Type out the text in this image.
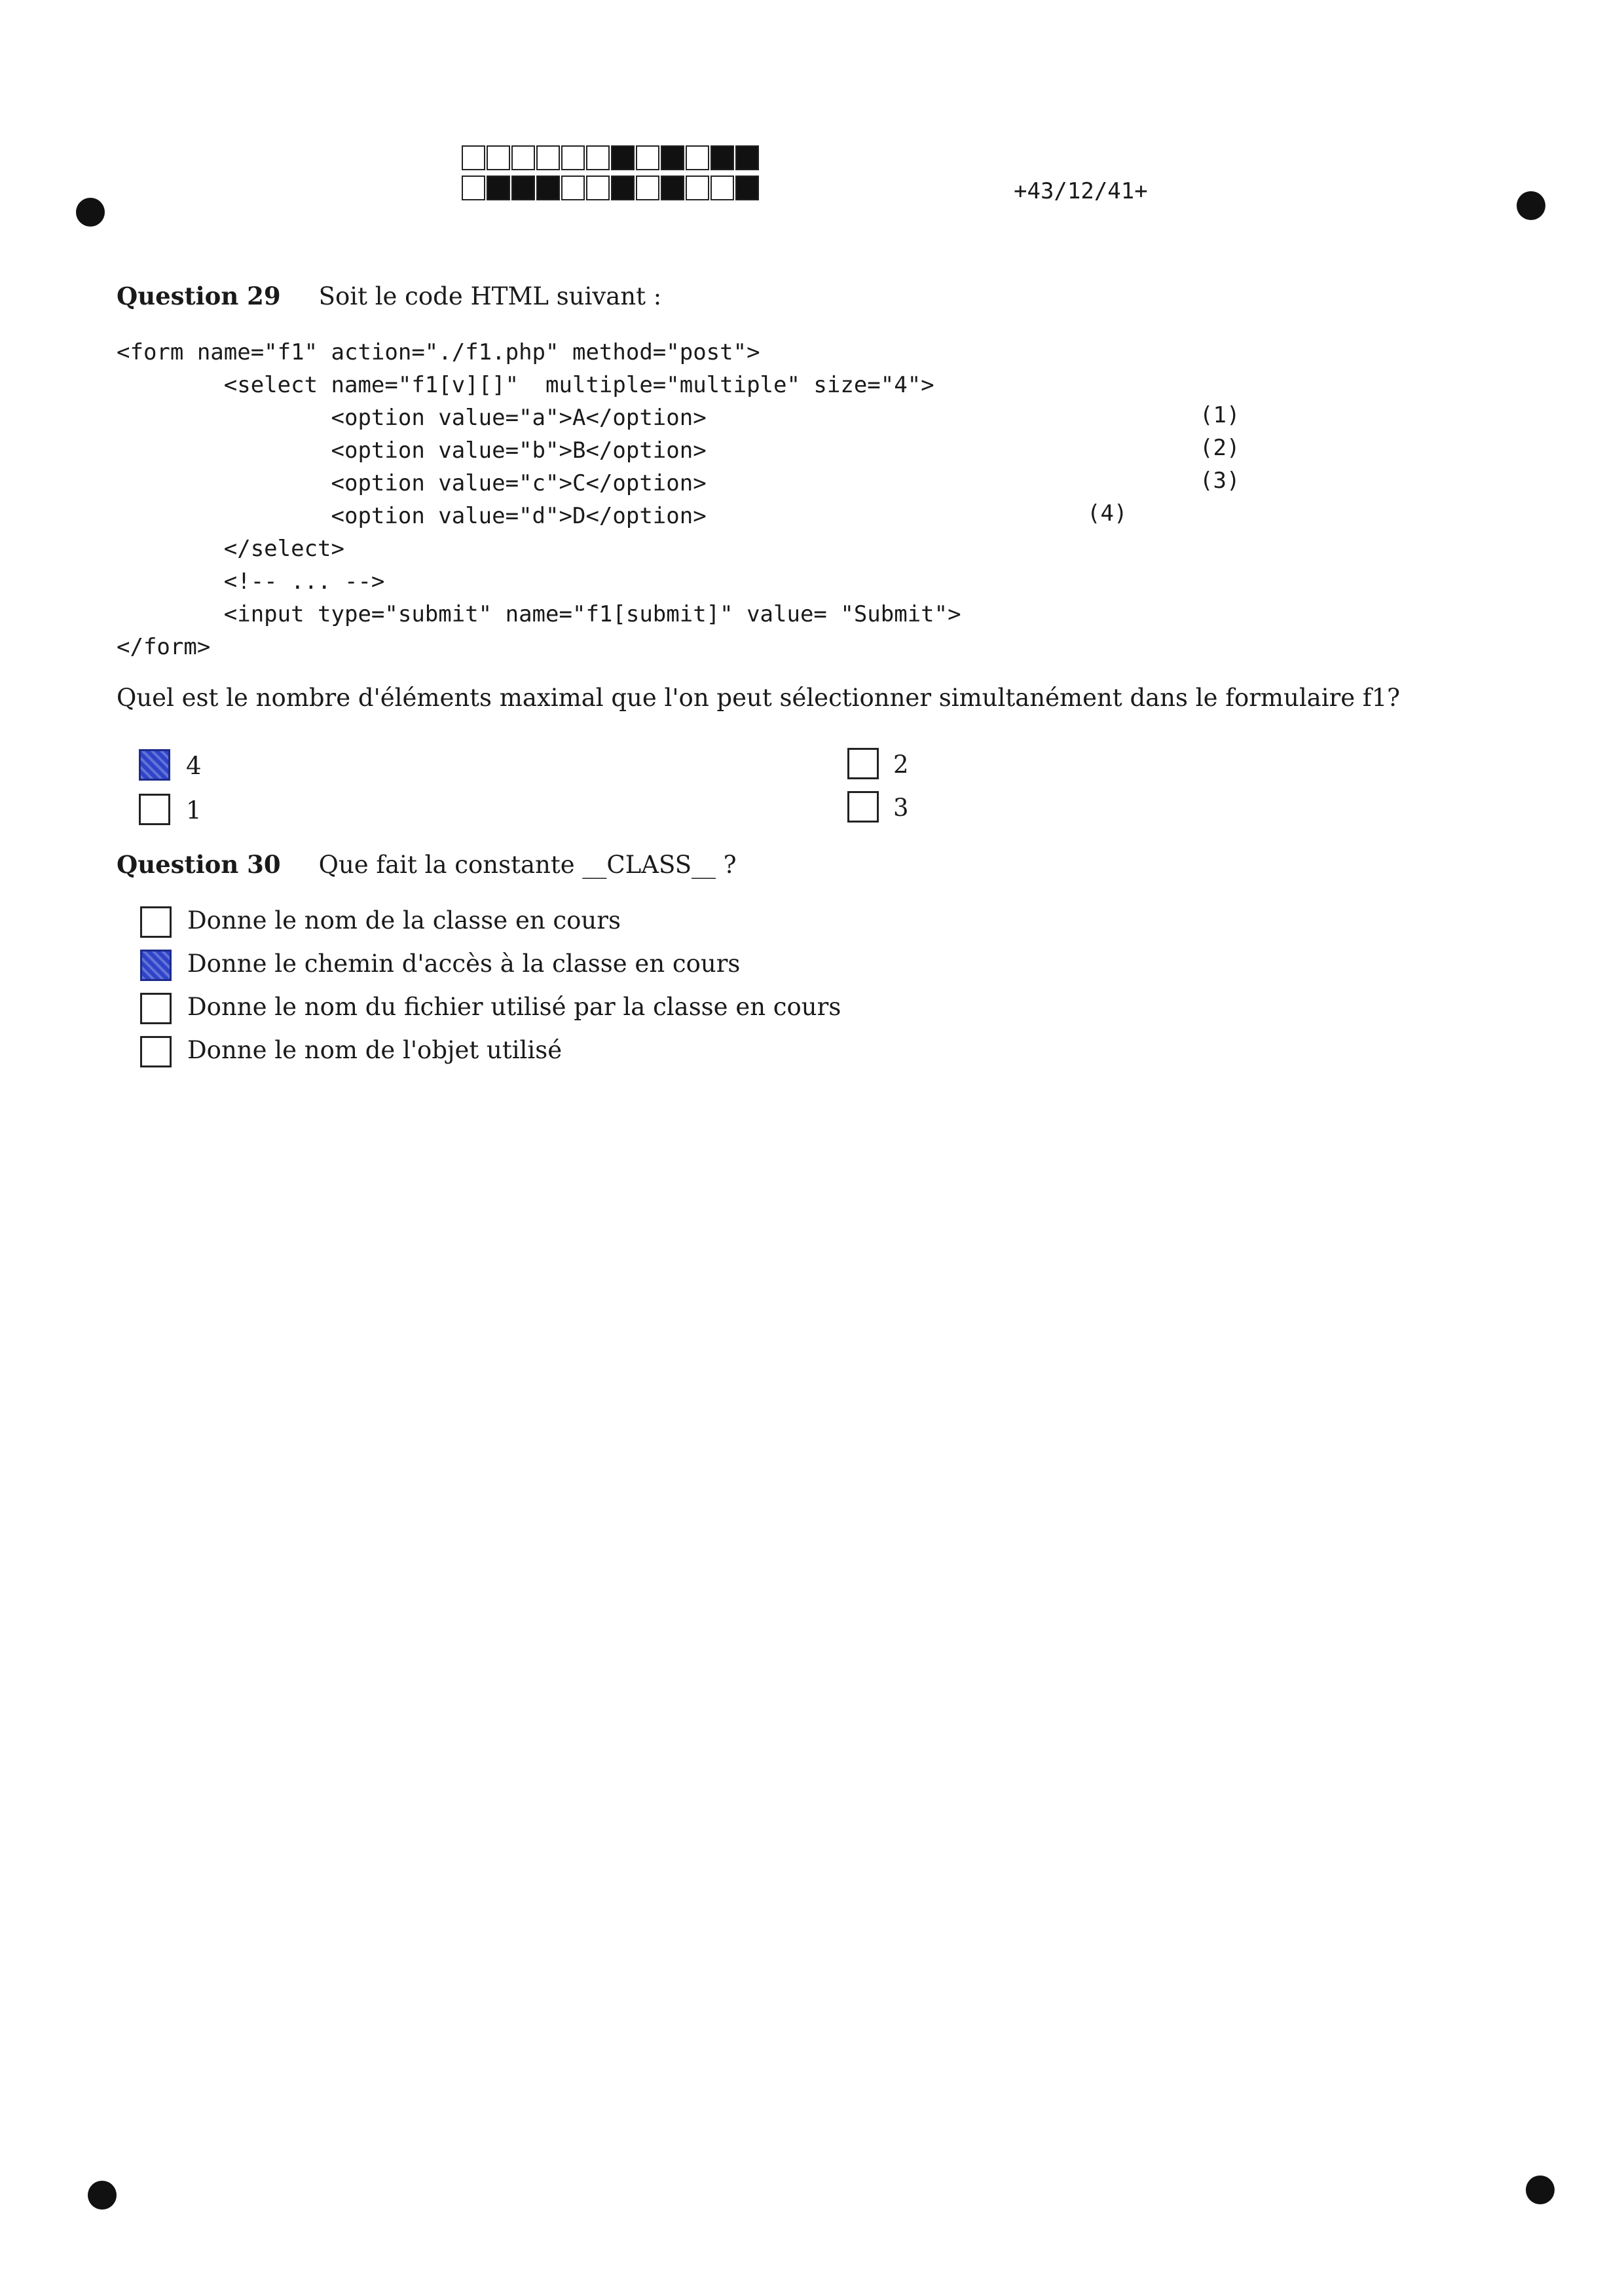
+43/12/41+
Question 29 Soit le code HTML suivant :
<form name="f1" action="./f1.php" method="post">
<select name="f1[v][]"  multiple="multiple" size="4">
<option value="a">A</option>
<option value="b">B</option>
<option value="c">C</option>
<option value="d">D</option>
</select>
<!-- ... -->
<input type="submit" name="f1[submit]" value= "Submit">
</form>
(1)
(2)
(3)
(4)
Quel est le nombre d'éléments maximal que l'on peut sélectionner simultanément dans le formulaire f1?
4
1
2
3
Question 30 Que fait la constante __CLASS__ ?
Donne le nom de la classe en cours
Donne le chemin d'accès à la classe en cours
Donne le nom du fichier utilisé par la classe en cours
Donne le nom de l'objet utilisé
